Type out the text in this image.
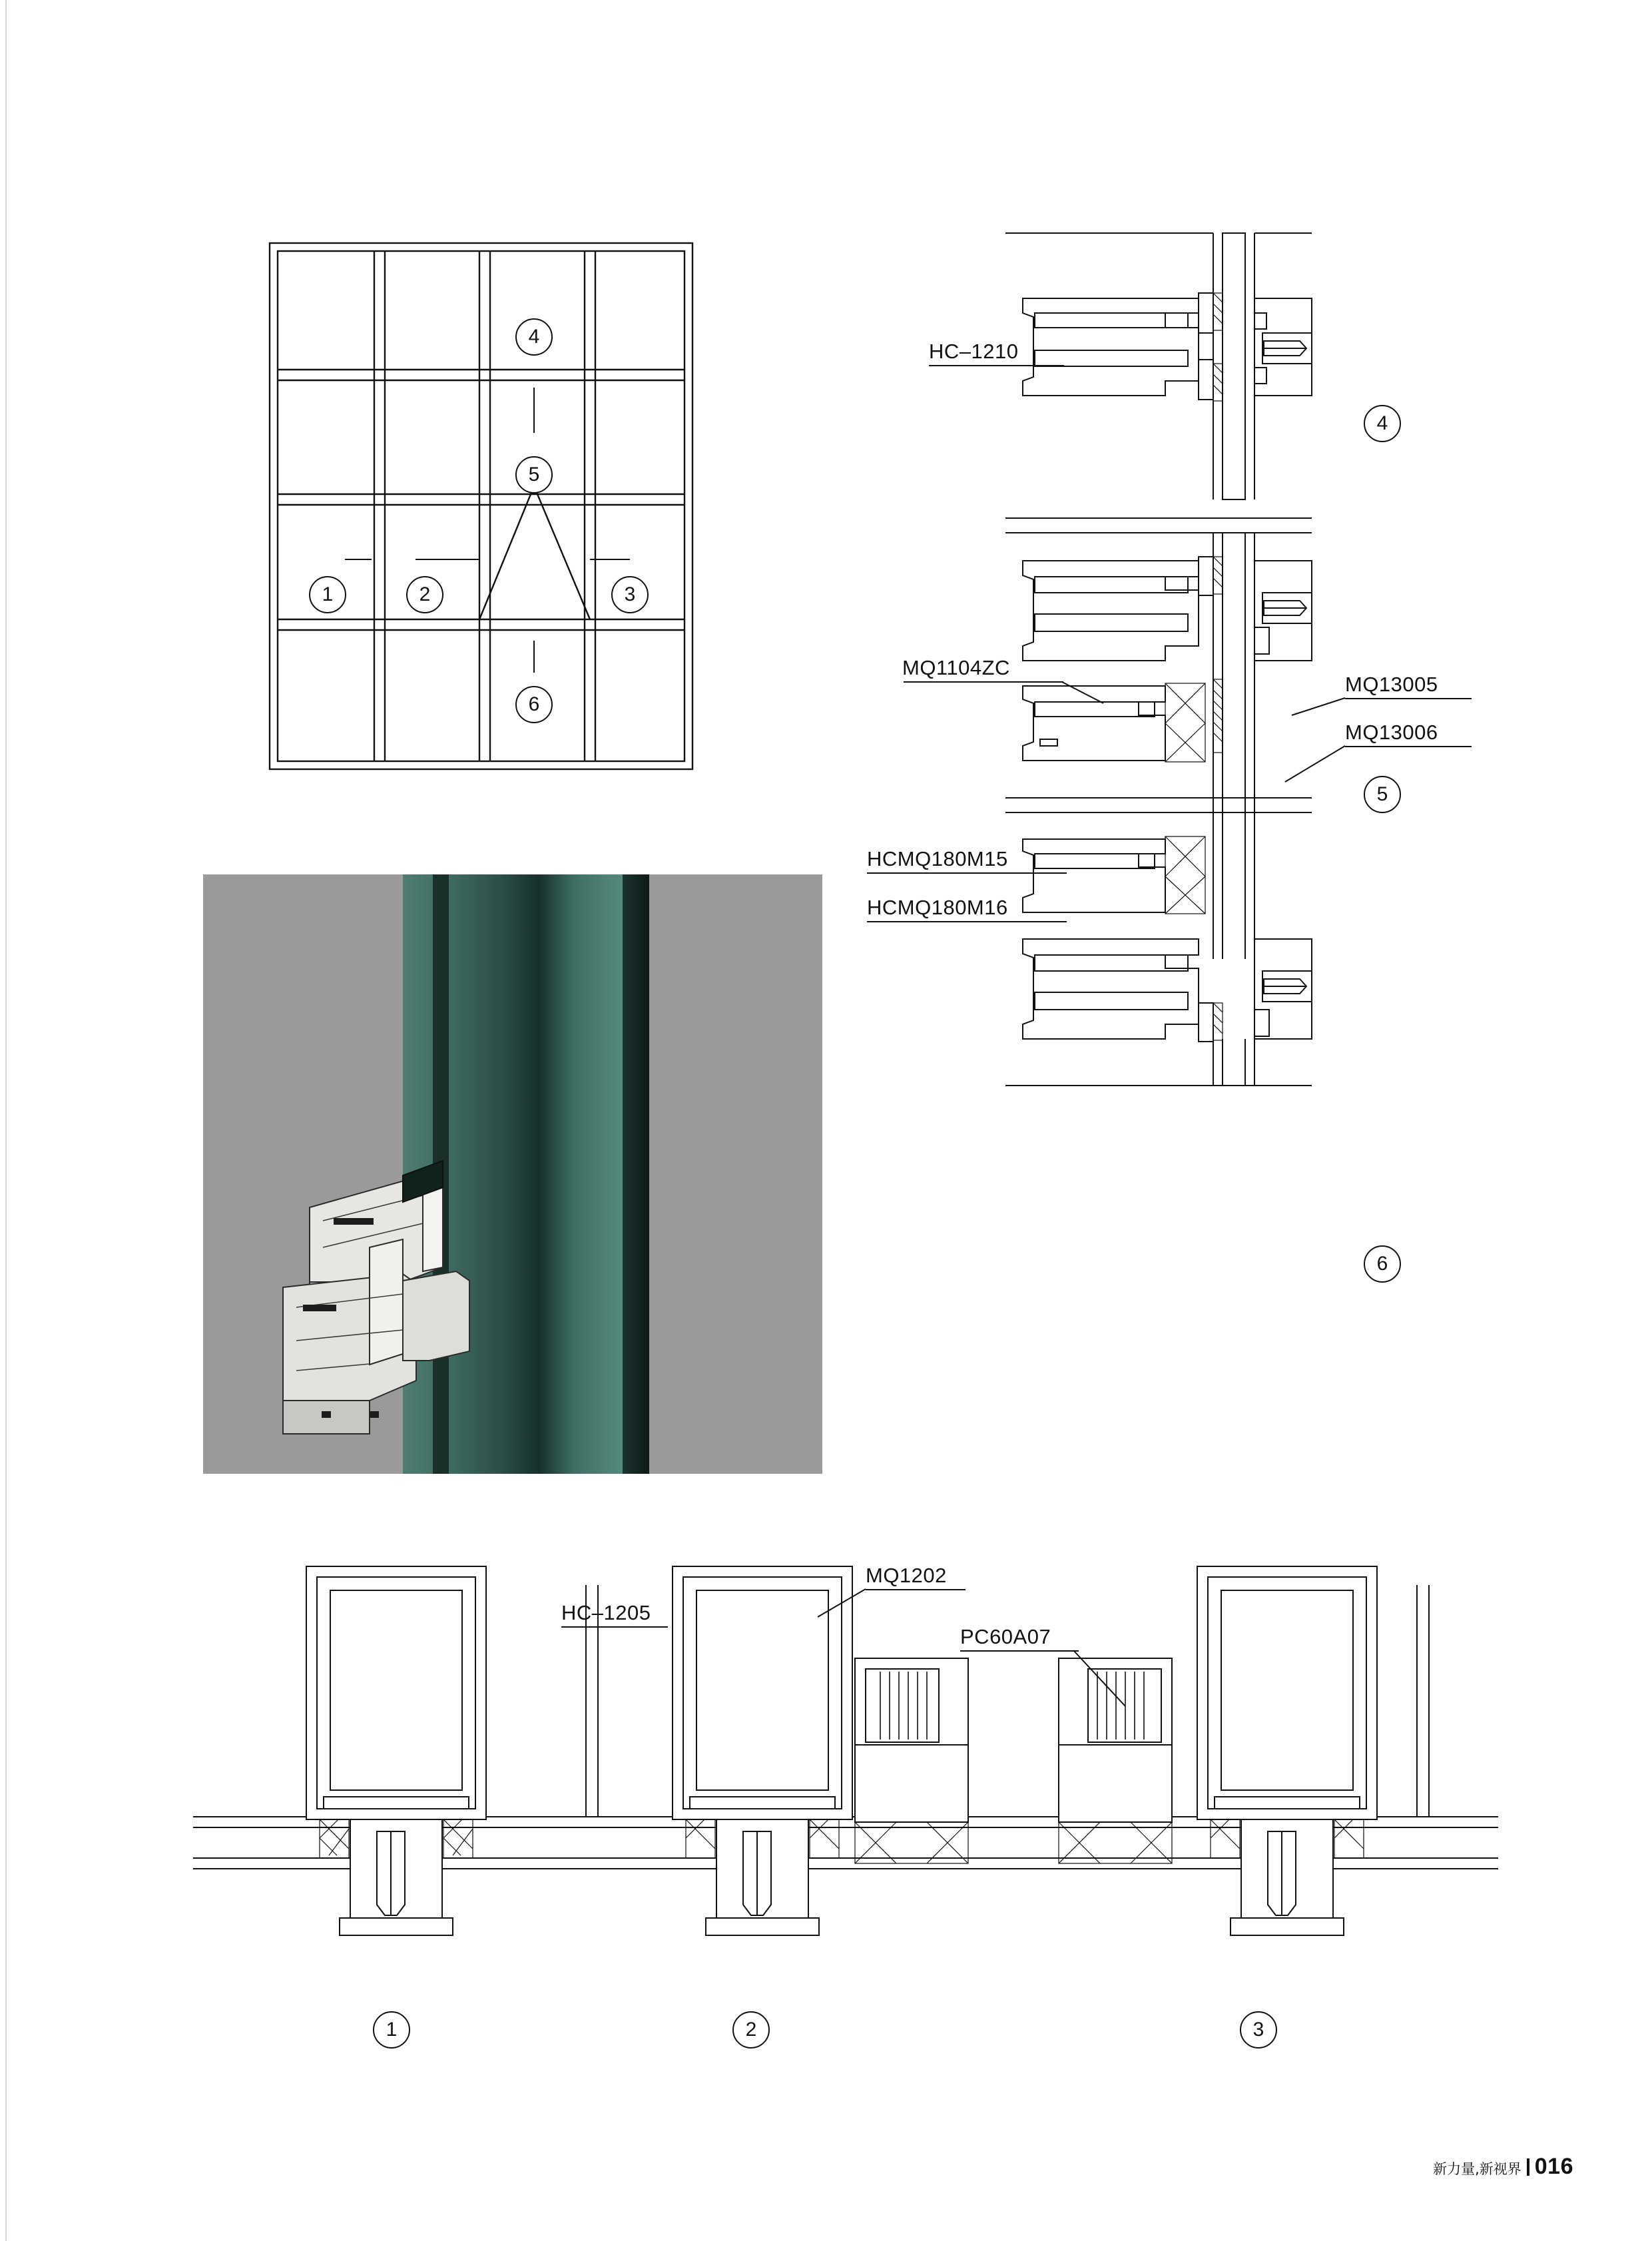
1	2	3
4
5
6
HC–1210
MQ1104ZC
MQ13005
MQ13006
HCMQ180M15
HCMQ180M16
4
5
6
1	2
HC–1205
MQ1202
3
PC60A07
新力量,新视界 016
